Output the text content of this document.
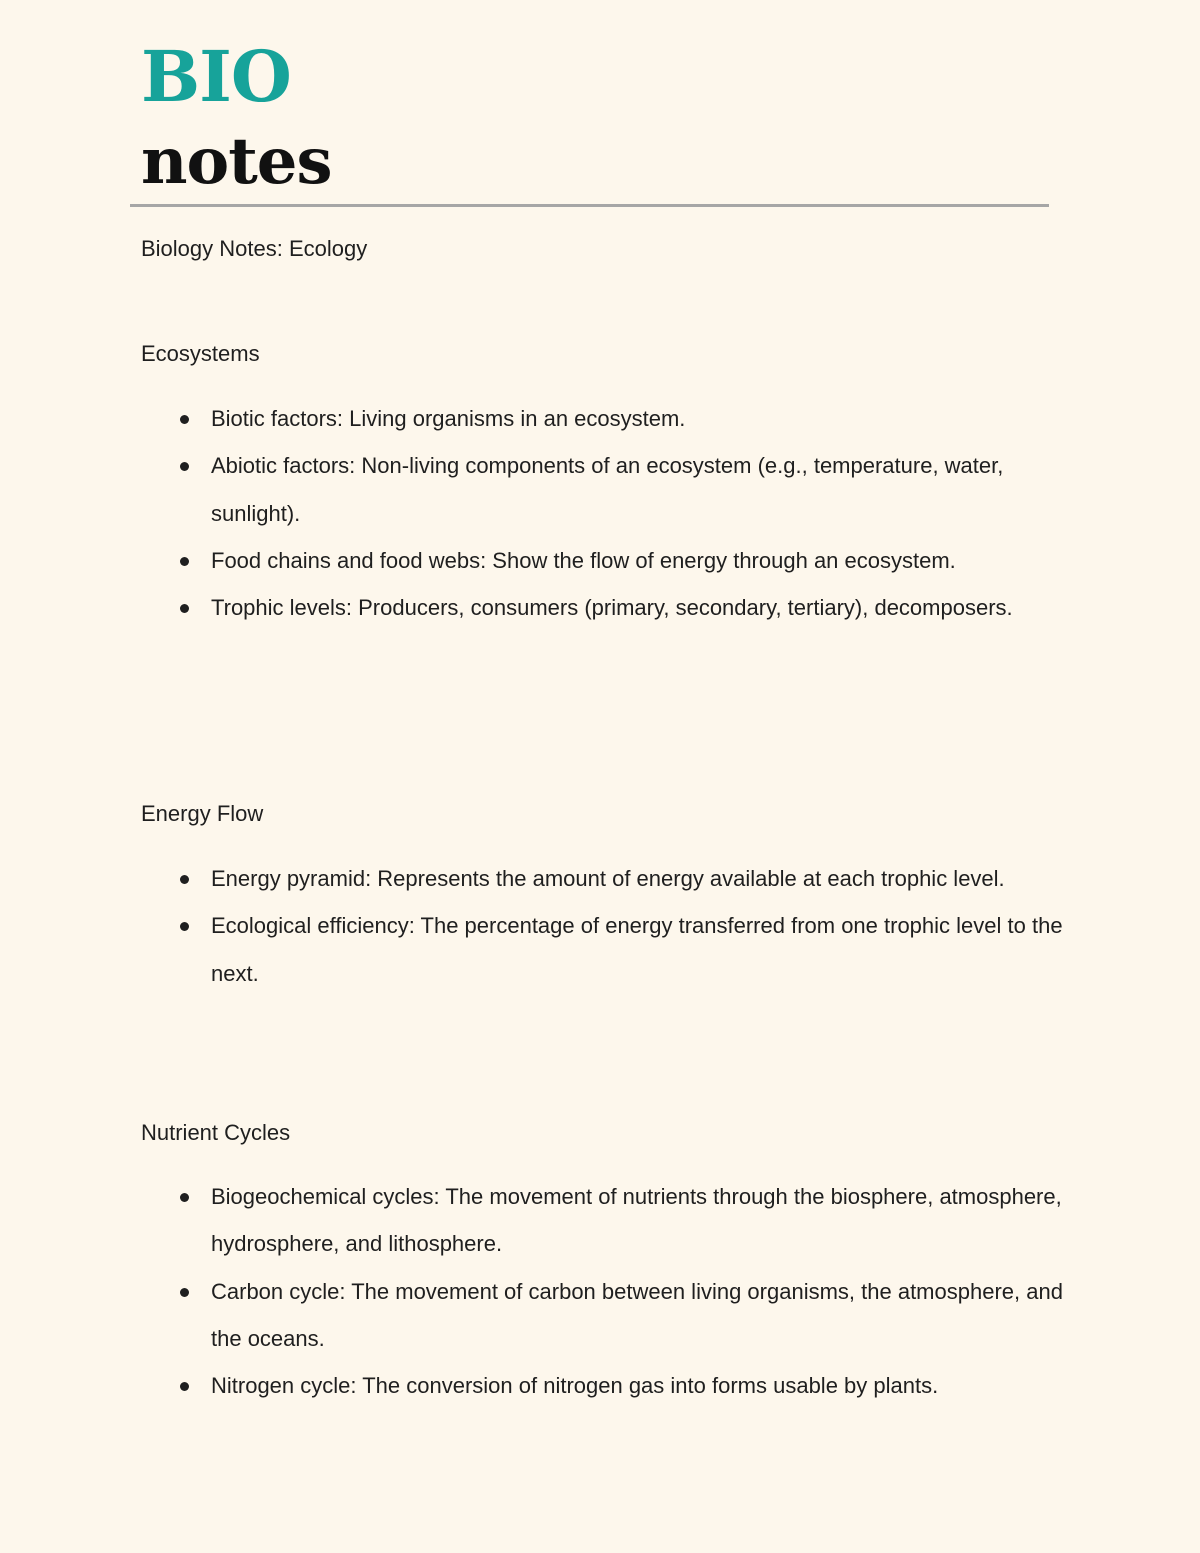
BIO
notes

Biology Notes: Ecology

Ecosystems

Biotic factors: Living organisms in an ecosystem.
Abiotic factors: Non-living components of an ecosystem (e.g., temperature, water, sunlight).
Food chains and food webs: Show the flow of energy through an ecosystem.
Trophic levels: Producers, consumers (primary, secondary, tertiary), decomposers.

Energy Flow

Energy pyramid: Represents the amount of energy available at each trophic level.
Ecological efficiency: The percentage of energy transferred from one trophic level to the next.

Nutrient Cycles

Biogeochemical cycles: The movement of nutrients through the biosphere, atmosphere, hydrosphere, and lithosphere.
Carbon cycle: The movement of carbon between living organisms, the atmosphere, and the oceans.
Nitrogen cycle: The conversion of nitrogen gas into forms usable by plants.
